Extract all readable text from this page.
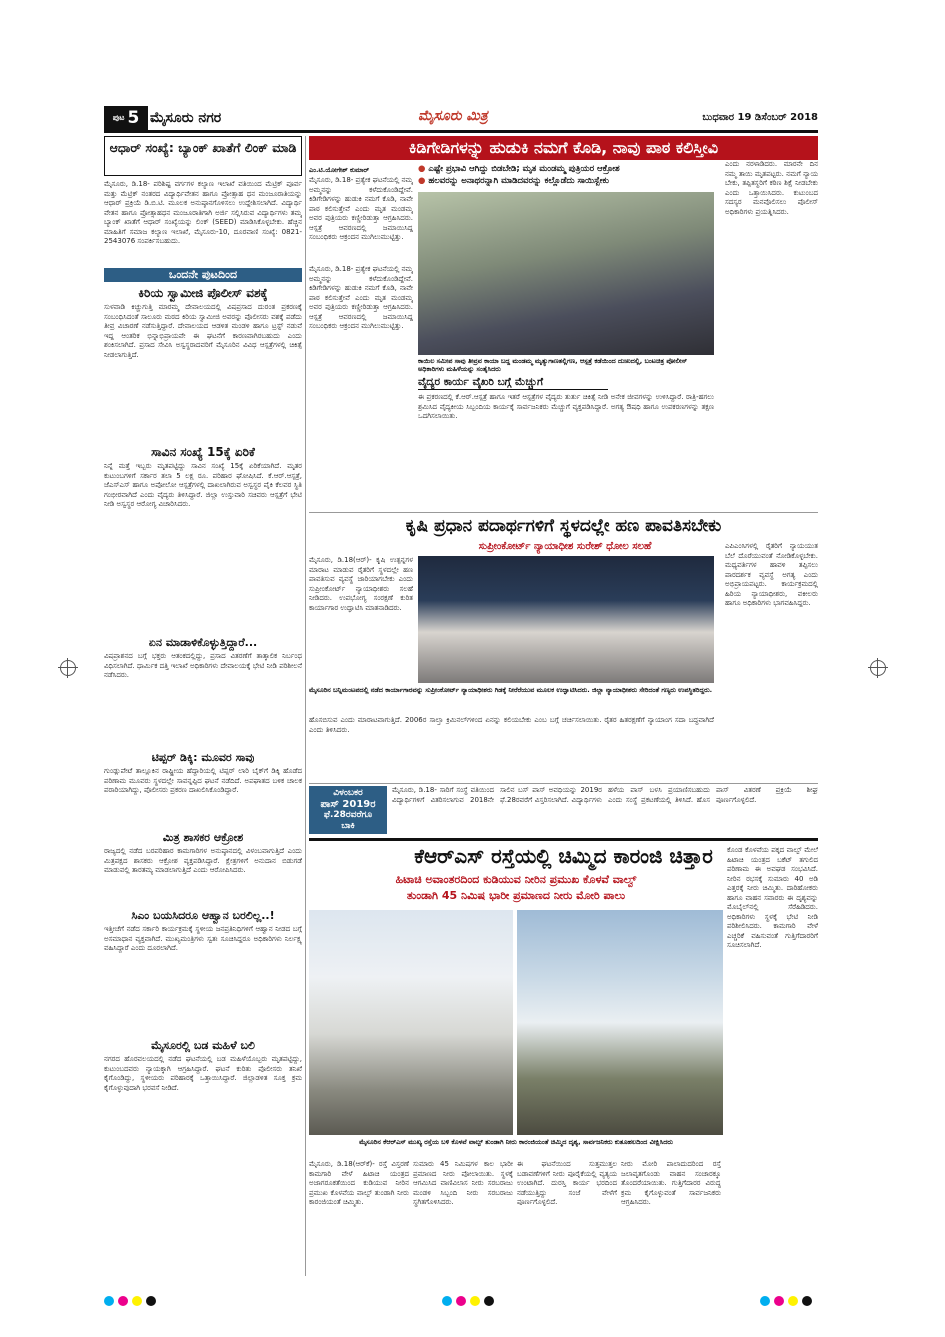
ಪುಟ 5 ಮೈಸೂರು ನಗರ	ಮೈಸೂರು ಮಿತ್ರ	ಬುಧವಾರ 19 ಡಿಸೆಂಬರ್ 2018
ಆಧಾರ್ ಸಂಖ್ಯೆ: ಬ್ಯಾಂಕ್ ಖಾತೆಗೆ ಲಿಂಕ್ ಮಾಡಿ
ಮೈಸೂರು, ಡಿ.18- ಪರಿಶಿಷ್ಟ ವರ್ಗಗಳ ಕಲ್ಯಾಣ ಇಲಾಖೆ ವತಿಯಿಂದ ಮೆಟ್ರಿಕ್ ಪೂರ್ವ ಮತ್ತು ಮೆಟ್ರಿಕ್ ನಂತರದ ವಿದ್ಯಾರ್ಥಿವೇತನ ಹಾಗೂ ಪ್ರೋತ್ಸಾಹ ಧನ ಮಂಜೂರಾತಿಯನ್ನು ಆಧಾರ್ ಪ್ರಕ್ರಿಯೆ ಡಿ.ಬಿ.ಟಿ. ಮೂಲಕ ಅನುಷ್ಠಾನಗೊಳಿಸಲು ಉದ್ದೇಶಿಸಲಾಗಿದೆ. ವಿದ್ಯಾರ್ಥಿ ವೇತನ ಹಾಗೂ ಪ್ರೋತ್ಸಾಹಧನ ಮಂಜೂರಾತಿಗಾಗಿ ಅರ್ಜಿ ಸಲ್ಲಿಸಿರುವ ವಿದ್ಯಾರ್ಥಿಗಳು ತಮ್ಮ ಬ್ಯಾಂಕ್ ಖಾತೆಗೆ ಆಧಾರ್ ಸಂಖ್ಯೆಯನ್ನು ಲಿಂಕ್ (SEED) ಮಾಡಿಸಿಕೊಳ್ಳಬೇಕು. ಹೆಚ್ಚಿನ ಮಾಹಿತಿಗೆ ಸಮಾಜ ಕಲ್ಯಾಣ ಇಲಾಖೆ, ಮೈಸೂರು-10, ದೂರವಾಣಿ ಸಂಖ್ಯೆ: 0821-2543076 ಸಂಪರ್ಕಿಸಬಹುದು.
ಒಂದನೇ ಪುಟದಿಂದ
ಕಿರಿಯ ಸ್ವಾಮೀಜಿ ಪೊಲೀಸ್ ವಶಕ್ಕೆ
ಸುಳವಾಡಿ ಕಿಚ್ಚುಗುತ್ತಿ ಮಾರಮ್ಮ ದೇವಾಲಯದಲ್ಲಿ ವಿಷಪ್ರಸಾದ ದುರಂತ ಪ್ರಕರಣಕ್ಕೆ ಸಂಬಂಧಿಸಿದಂತೆ ಸಾಲೂರು ಮಠದ ಕಿರಿಯ ಸ್ವಾಮೀಜಿ ಅವರನ್ನು ಪೊಲೀಸರು ವಶಕ್ಕೆ ಪಡೆದು ತೀವ್ರ ವಿಚಾರಣೆ ನಡೆಸುತ್ತಿದ್ದಾರೆ. ದೇವಾಲಯದ ಆಡಳಿತ ಮಂಡಳಿ ಹಾಗೂ ಟ್ರಸ್ಟ್ ನಡುವೆ ಇದ್ದ ಆಂತರಿಕ ಭಿನ್ನಾಭಿಪ್ರಾಯವೇ ಈ ಘಟನೆಗೆ ಕಾರಣವಾಗಿರಬಹುದು ಎಂದು ಶಂಕಿಸಲಾಗಿದೆ. ಪ್ರಸಾದ ಸೇವಿಸಿ ಅಸ್ವಸ್ಥರಾದವರಿಗೆ ಮೈಸೂರಿನ ವಿವಿಧ ಆಸ್ಪತ್ರೆಗಳಲ್ಲಿ ಚಿಕಿತ್ಸೆ ನೀಡಲಾಗುತ್ತಿದೆ.
ಸಾವಿನ ಸಂಖ್ಯೆ 15ಕ್ಕೆ ಏರಿಕೆ
ನಿನ್ನೆ ಮತ್ತೆ ಇಬ್ಬರು ಮೃತಪಟ್ಟಿದ್ದು ಸಾವಿನ ಸಂಖ್ಯೆ 15ಕ್ಕೆ ಏರಿಕೆಯಾಗಿದೆ. ಮೃತರ ಕುಟುಂಬಗಳಿಗೆ ಸರ್ಕಾರ ತಲಾ 5 ಲಕ್ಷ ರೂ. ಪರಿಹಾರ ಘೋಷಿಸಿದೆ. ಕೆ.ಆರ್.ಆಸ್ಪತ್ರೆ, ಜೆಎಸ್ಎಸ್ ಹಾಗೂ ಅಪೋಲೋ ಆಸ್ಪತ್ರೆಗಳಲ್ಲಿ ದಾಖಲಾಗಿರುವ ಅಸ್ವಸ್ಥರ ಪೈಕಿ ಕೆಲವರ ಸ್ಥಿತಿ ಗಂಭೀರವಾಗಿದೆ ಎಂದು ವೈದ್ಯರು ತಿಳಿಸಿದ್ದಾರೆ. ಜಿಲ್ಲಾ ಉಸ್ತುವಾರಿ ಸಚಿವರು ಆಸ್ಪತ್ರೆಗೆ ಭೇಟಿ ನೀಡಿ ಅಸ್ವಸ್ಥರ ಆರೋಗ್ಯ ವಿಚಾರಿಸಿದರು.
ಏನ ಮಾಡಾಳಿಕೊಳ್ಳುತ್ತಿದ್ದಾರೆ...
ವಿಷಪ್ರಾಶನದ ಬಗ್ಗೆ ಭಕ್ತರು ಆತಂಕದಲ್ಲಿದ್ದು, ಪ್ರಸಾದ ವಿತರಣೆಗೆ ತಾತ್ಕಾಲಿಕ ನಿರ್ಬಂಧ ವಿಧಿಸಲಾಗಿದೆ. ಧಾರ್ಮಿಕ ದತ್ತಿ ಇಲಾಖೆ ಅಧಿಕಾರಿಗಳು ದೇವಾಲಯಕ್ಕೆ ಭೇಟಿ ನೀಡಿ ಪರಿಶೀಲನೆ ನಡೆಸಿದರು.
ಟಿಪ್ಪರ್ ಡಿಕ್ಕಿ: ಮೂವರ ಸಾವು
ಗುಂಡ್ಲುಪೇಟೆ ತಾಲ್ಲೂಕಿನ ರಾಷ್ಟ್ರೀಯ ಹೆದ್ದಾರಿಯಲ್ಲಿ ಟಿಪ್ಪರ್ ಲಾರಿ ಬೈಕ್‌ಗೆ ಡಿಕ್ಕಿ ಹೊಡೆದ ಪರಿಣಾಮ ಮೂವರು ಸ್ಥಳದಲ್ಲೇ ಸಾವನ್ನಪ್ಪಿದ ಘಟನೆ ನಡೆದಿದೆ. ಅಪಘಾತದ ಬಳಿಕ ಚಾಲಕ ಪರಾರಿಯಾಗಿದ್ದು, ಪೊಲೀಸರು ಪ್ರಕರಣ ದಾಖಲಿಸಿಕೊಂಡಿದ್ದಾರೆ.
ಮಿತ್ರ ಶಾಸಕರ ಆಕ್ರೋಶ
ರಾಜ್ಯದಲ್ಲಿ ನಡೆದ ಬರಪರಿಹಾರ ಕಾಮಗಾರಿಗಳ ಅನುಷ್ಠಾನದಲ್ಲಿ ವಿಳಂಬವಾಗುತ್ತಿದೆ ಎಂದು ಮಿತ್ರಪಕ್ಷದ ಶಾಸಕರು ಆಕ್ರೋಶ ವ್ಯಕ್ತಪಡಿಸಿದ್ದಾರೆ. ಕ್ಷೇತ್ರಗಳಿಗೆ ಅನುದಾನ ಬಿಡುಗಡೆ ಮಾಡುವಲ್ಲಿ ತಾರತಮ್ಯ ಮಾಡಲಾಗುತ್ತಿದೆ ಎಂದು ಆರೋಪಿಸಿದರು.
ಸಿಎಂ ಬಯಸಿದರೂ ಆಹ್ವಾನ ಬರಲಿಲ್ಲ..!
ಇತ್ತೀಚೆಗೆ ನಡೆದ ಸರ್ಕಾರಿ ಕಾರ್ಯಕ್ರಮಕ್ಕೆ ಸ್ಥಳೀಯ ಜನಪ್ರತಿನಿಧಿಗಳಿಗೆ ಆಹ್ವಾನ ನೀಡದ ಬಗ್ಗೆ ಅಸಮಾಧಾನ ವ್ಯಕ್ತವಾಗಿದೆ. ಮುಖ್ಯಮಂತ್ರಿಗಳು ಸ್ವತಃ ಸೂಚಿಸಿದ್ದರೂ ಅಧಿಕಾರಿಗಳು ನಿರ್ಲಕ್ಷ್ಯ ವಹಿಸಿದ್ದಾರೆ ಎಂದು ದೂರಲಾಗಿದೆ.
ಮೈಸೂರಲ್ಲಿ ಬಡ ಮಹಿಳೆ ಬಲಿ
ನಗರದ ಹೊರವಲಯದಲ್ಲಿ ನಡೆದ ಘಟನೆಯಲ್ಲಿ ಬಡ ಮಹಿಳೆಯೊಬ್ಬರು ಮೃತಪಟ್ಟಿದ್ದು, ಕುಟುಂಬದವರು ನ್ಯಾಯಕ್ಕಾಗಿ ಆಗ್ರಹಿಸಿದ್ದಾರೆ. ಘಟನೆ ಕುರಿತು ಪೊಲೀಸರು ತನಿಖೆ ಕೈಗೊಂಡಿದ್ದು, ಸ್ಥಳೀಯರು ಪರಿಹಾರಕ್ಕೆ ಒತ್ತಾಯಿಸಿದ್ದಾರೆ. ಜಿಲ್ಲಾಡಳಿತ ಸೂಕ್ತ ಕ್ರಮ ಕೈಗೊಳ್ಳುವುದಾಗಿ ಭರವಸೆ ನೀಡಿದೆ.
ಕಿಡಿಗೇಡಿಗಳನ್ನು ಹುಡುಕಿ ನಮಗೆ ಕೊಡಿ, ನಾವು ಪಾಠ ಕಲಿಸ್ತೀವಿ
● ಎಷ್ಟೇ ಪ್ರಭಾವಿ ಆಗಿದ್ದು ಬಿಡಬೇಡಿ; ಮೃತ ಮಂಡಮ್ಮ ಪುತ್ರಿಯರ ಆಕ್ರೋಶ
● ಹಲವರನ್ನು ಅನಾಥರನ್ನಾಗಿ ಮಾಡಿದವರನ್ನು ಕಲ್ಲೊಡೆದು ಸಾಯಿಸ್ಬೇಕು
ಎಂ.ಟಿ.ಯೋಗೇಶ್ ಕುಮಾರ್
ಮೈಸೂರು, ಡಿ.18- ಪ್ರತ್ಯೇಕ ಘಟನೆಯಲ್ಲಿ ನಮ್ಮ ಅಮ್ಮನನ್ನು ಕಳೆದುಕೊಂಡಿದ್ದೇವೆ. ಕಿಡಿಗೇಡಿಗಳನ್ನು ಹುಡುಕಿ ನಮಗೆ ಕೊಡಿ, ನಾವೇ ಪಾಠ ಕಲಿಸುತ್ತೇವೆ ಎಂದು ಮೃತ ಮಂಡಮ್ಮ ಅವರ ಪುತ್ರಿಯರು ಕಣ್ಣೀರಿಡುತ್ತಾ ಆಗ್ರಹಿಸಿದರು. ಆಸ್ಪತ್ರೆ ಆವರಣದಲ್ಲಿ ಜಮಾಯಿಸಿದ್ದ ಸಂಬಂಧಿಕರು ಆಕ್ರಂದನ ಮುಗಿಲುಮುಟ್ಟಿತ್ತು.
ಕಾಯಿಲ ಸಮೀಪ ಸಾವು ತೀವ್ರವ ಕಾಯಾ ಬದ್ದ ಮಂಡಮ್ಮ ಮೃತ್ಯುಗಾಣತಲ್ಲಿಗಣ, ಆಸ್ಪತ್ರೆ ಕಡೆಯಿಂದ ದುಃಖದಲ್ಲಿ, ಬಂಟಚಿತ್ರ ಪೋಲೀಸ್ ಅಧಿಕಾರಿಗಳು ಮಹಿಳೆಯನ್ನು ಸಂತೈಸಿದರು
ಎಂದು ನರಳಾಡಿದರು. ಮಾರನೇ ದಿನ ನಮ್ಮ ತಾಯಿ ಮೃತಪಟ್ಟರು. ನಮಗೆ ನ್ಯಾಯ ಬೇಕು, ತಪ್ಪಿತಸ್ಥರಿಗೆ ಕಠಿಣ ಶಿಕ್ಷೆ ನೀಡಬೇಕು ಎಂದು ಒತ್ತಾಯಿಸಿದರು. ಕುಟುಂಬದ ಸದಸ್ಯರ ಮನವೊಲಿಸಲು ಪೊಲೀಸ್ ಅಧಿಕಾರಿಗಳು ಪ್ರಯತ್ನಿಸಿದರು.
ಮೈಸೂರು, ಡಿ.18- ಪ್ರತ್ಯೇಕ ಘಟನೆಯಲ್ಲಿ ನಮ್ಮ ಅಮ್ಮನನ್ನು ಕಳೆದುಕೊಂಡಿದ್ದೇವೆ. ಕಿಡಿಗೇಡಿಗಳನ್ನು ಹುಡುಕಿ ನಮಗೆ ಕೊಡಿ, ನಾವೇ ಪಾಠ ಕಲಿಸುತ್ತೇವೆ ಎಂದು ಮೃತ ಮಂಡಮ್ಮ ಅವರ ಪುತ್ರಿಯರು ಕಣ್ಣೀರಿಡುತ್ತಾ ಆಗ್ರಹಿಸಿದರು. ಆಸ್ಪತ್ರೆ ಆವರಣದಲ್ಲಿ ಜಮಾಯಿಸಿದ್ದ ಸಂಬಂಧಿಕರು ಆಕ್ರಂದನ ಮುಗಿಲುಮುಟ್ಟಿತ್ತು.
ವೈದ್ಯರ ಕಾರ್ಯ ವೈಖರಿ ಬಗ್ಗೆ ಮೆಚ್ಚುಗೆ
ಈ ಪ್ರಕರಣದಲ್ಲಿ ಕೆ.ಆರ್.ಆಸ್ಪತ್ರೆ ಹಾಗೂ ಇತರೆ ಆಸ್ಪತ್ರೆಗಳ ವೈದ್ಯರು ತುರ್ತು ಚಿಕಿತ್ಸೆ ನೀಡಿ ಅನೇಕ ಜೀವಗಳನ್ನು ಉಳಿಸಿದ್ದಾರೆ. ರಾತ್ರಿ-ಹಗಲು ಶ್ರಮಿಸಿದ ವೈದ್ಯಕೀಯ ಸಿಬ್ಬಂದಿಯ ಕಾರ್ಯಕ್ಕೆ ಸಾರ್ವಜನಿಕರು ಮೆಚ್ಚುಗೆ ವ್ಯಕ್ತಪಡಿಸಿದ್ದಾರೆ. ಅಗತ್ಯ ಔಷಧಿ ಹಾಗೂ ಉಪಕರಣಗಳನ್ನು ತಕ್ಷಣ ಒದಗಿಸಲಾಯಿತು.
ಕೃಷಿ ಪ್ರಧಾನ ಪದಾರ್ಥಗಳಿಗೆ ಸ್ಥಳದಲ್ಲೇ ಹಣ ಪಾವತಿಸಬೇಕು
ಸುಪ್ರೀಂಕೋರ್ಟ್ ನ್ಯಾಯಾಧೀಶ ಸುರೇಶ್ ಧೋಲ ಸಲಹೆ
ಮೈಸೂರು, ಡಿ.18(ಆರ್)- ಕೃಷಿ ಉತ್ಪನ್ನಗಳ ಮಾರಾಟ ಮಾಡುವ ರೈತರಿಗೆ ಸ್ಥಳದಲ್ಲೇ ಹಣ ಪಾವತಿಸುವ ವ್ಯವಸ್ಥೆ ಜಾರಿಯಾಗಬೇಕು ಎಂದು ಸುಪ್ರೀಂಕೋರ್ಟ್ ನ್ಯಾಯಾಧೀಶರು ಸಲಹೆ ನೀಡಿದರು. ಉಪಭೋಗ್ಯ ಸಂರಕ್ಷಣೆ ಕುರಿತ ಕಾರ್ಯಾಗಾರ ಉದ್ಘಾಟಿಸಿ ಮಾತನಾಡಿದರು.
ಮೈಸೂರಿನ ಬನ್ನಿಮಂಟಪದಲ್ಲಿ ನಡೆದ ಕಾರ್ಯಾಗಾರವನ್ನು ಸುಪ್ರೀಂಕೋರ್ಟ್ ನ್ಯಾಯಾಧೀಶರು ಗಿಡಕ್ಕೆ ನೀರೆರೆಯುವ ಮೂಲಕ ಉದ್ಘಾಟಿಸಿದರು. ಜಿಲ್ಲಾ ನ್ಯಾಯಾಧೀಶರು ಸೇರಿದಂತೆ ಗಣ್ಯರು ಉಪಸ್ಥಿತರಿದ್ದರು.
ಎಪಿಎಂಸಿಗಳಲ್ಲಿ ರೈತರಿಗೆ ನ್ಯಾಯಯುತ ಬೆಲೆ ದೊರೆಯುವಂತೆ ನೋಡಿಕೊಳ್ಳಬೇಕು. ಮಧ್ಯವರ್ತಿಗಳ ಹಾವಳಿ ತಪ್ಪಿಸಲು ಪಾರದರ್ಶಕ ವ್ಯವಸ್ಥೆ ಅಗತ್ಯ ಎಂದು ಅಭಿಪ್ರಾಯಪಟ್ಟರು. ಕಾರ್ಯಕ್ರಮದಲ್ಲಿ ಹಿರಿಯ ನ್ಯಾಯಾಧೀಶರು, ವಕೀಲರು ಹಾಗೂ ಅಧಿಕಾರಿಗಳು ಭಾಗವಹಿಸಿದ್ದರು.
ಹೊಸಬಿಸುವ ಎಂದು ಮಾರಾಟವಾಗುತ್ತಿದೆ. 2006ರ ಸಾಲ್ತಾ ಕ್ರಿಮಿನಲ್‌ಗಳಿಂದ ಏನನ್ನು ಕಲಿಯಬೇಕು ಎಂಬ ಬಗ್ಗೆ ಚರ್ಚಿಸಲಾಯಿತು. ರೈತರ ಹಿತರಕ್ಷಣೆಗೆ ನ್ಯಾಯಾಂಗ ಸದಾ ಬದ್ಧವಾಗಿದೆ ಎಂದು ತಿಳಿಸಿದರು.
ವಿಳಂಬಕರ
ಪಾಸ್ 2019ರ
ಫೆ.28ರವರೆಗೂ
ಬಾಕಿ
ಮೈಸೂರು, ಡಿ.18- ಸಾರಿಗೆ ಸಂಸ್ಥೆ ವತಿಯಿಂದ ವಿದ್ಯಾರ್ಥಿಗಳಿಗೆ ವಿತರಿಸಲಾಗುವ 2018ನೇ ಸಾಲಿನ ಬಸ್ ಪಾಸ್ ಅವಧಿಯನ್ನು 2019ರ ಫೆ.28ರವರೆಗೆ ವಿಸ್ತರಿಸಲಾಗಿದೆ. ವಿದ್ಯಾರ್ಥಿಗಳು ಹಳೆಯ ಪಾಸ್ ಬಳಸಿ ಪ್ರಯಾಣಿಸಬಹುದು ಎಂದು ಸಂಸ್ಥೆ ಪ್ರಕಟಣೆಯಲ್ಲಿ ತಿಳಿಸಿದೆ. ಹೊಸ ಪಾಸ್ ವಿತರಣೆ ಪ್ರಕ್ರಿಯೆ ಶೀಘ್ರ ಪೂರ್ಣಗೊಳ್ಳಲಿದೆ.
ಕೆಆರ್‌ಎಸ್ ರಸ್ತೆಯಲ್ಲಿ ಚಿಮ್ಮಿದ ಕಾರಂಜಿ ಚಿತ್ತಾರ
ಹಿಟಾಚಿ ಅವಾಂತರದಿಂದ ಕುಡಿಯುವ ನೀರಿನ ಪ್ರಮುಖ ಕೊಳವೆ ವಾಲ್ವ್
ತುಂಡಾಗಿ 45 ನಿಮಿಷ ಭಾರೀ ಪ್ರಮಾಣದ ನೀರು ಮೋರಿ ಪಾಲು
ಮೈಸೂರಿನ ಕೆಆರ್‌ಎಸ್ ಮುಖ್ಯ ರಸ್ತೆಯ ಬಳಿ ಕೊಳವೆ ವಾಲ್ವ್ ತುಂಡಾಗಿ ನೀರು ಕಾರಂಜಿಯಂತೆ ಚಿಮ್ಮಿದ ದೃಶ್ಯ, ಸಾರ್ವಜನಿಕರು ಕುತೂಹಲದಿಂದ ವೀಕ್ಷಿಸಿದರು
ಮೈಸೂರು, ಡಿ.18(ಆರ್‌ಕೆ)- ರಸ್ತೆ ವಿಸ್ತರಣೆ ಕಾಮಗಾರಿ ವೇಳೆ ಹಿಟಾಚಿ ಯಂತ್ರದ ಅಜಾಗರೂಕತೆಯಿಂದ ಕುಡಿಯುವ ನೀರಿನ ಪ್ರಮುಖ ಕೊಳವೆಯ ವಾಲ್ವ್ ತುಂಡಾಗಿ ನೀರು ಕಾರಂಜಿಯಂತೆ ಚಿಮ್ಮಿತು.
ಸುಮಾರು 45 ನಿಮಿಷಗಳ ಕಾಲ ಭಾರೀ ಪ್ರಮಾಣದ ನೀರು ಪೋಲಾಯಿತು. ಸ್ಥಳಕ್ಕೆ ಆಗಮಿಸಿದ ವಾಣಿವಿಲಾಸ ನೀರು ಸರಬರಾಜು ಮಂಡಳಿ ಸಿಬ್ಬಂದಿ ನೀರು ಸರಬರಾಜು ಸ್ಥಗಿತಗೊಳಿಸಿದರು.
ಈ ಘಟನೆಯಿಂದ ಸುತ್ತಮುತ್ತಲ ಬಡಾವಣೆಗಳಿಗೆ ನೀರು ಪೂರೈಕೆಯಲ್ಲಿ ವ್ಯತ್ಯಯ ಉಂಟಾಗಿದೆ. ದುರಸ್ತಿ ಕಾರ್ಯ ಭರದಿಂದ ನಡೆಯುತ್ತಿದ್ದು ಸಂಜೆ ವೇಳೆಗೆ ಪೂರ್ಣಗೊಳ್ಳಲಿದೆ.
ನೀರು ಮೋರಿ ಪಾಲಾದುದರಿಂದ ರಸ್ತೆ ಜಲಾವೃತಗೊಂಡು ವಾಹನ ಸಂಚಾರಕ್ಕೂ ತೊಂದರೆಯಾಯಿತು. ಗುತ್ತಿಗೆದಾರರ ವಿರುದ್ಧ ಕ್ರಮ ಕೈಗೊಳ್ಳುವಂತೆ ಸಾರ್ವಜನಿಕರು ಆಗ್ರಹಿಸಿದರು.
ಕೊಂಡ ಕೊಳವೆಯ ಪಕ್ಕದ ವಾಲ್ವ್ ಮೇಲೆ ಹಿಟಾಚಿ ಯಂತ್ರದ ಬಕೆಟ್ ತಗುಲಿದ ಪರಿಣಾಮ ಈ ಅವಘಡ ಸಂಭವಿಸಿದೆ. ನೀರಿನ ರಭಸಕ್ಕೆ ಸುಮಾರು 40 ಅಡಿ ಎತ್ತರಕ್ಕೆ ನೀರು ಚಿಮ್ಮಿತು. ದಾರಿಹೋಕರು ಹಾಗೂ ವಾಹನ ಸವಾರರು ಈ ದೃಶ್ಯವನ್ನು ಮೊಬೈಲ್‌ನಲ್ಲಿ ಸೆರೆಹಿಡಿದರು. ಅಧಿಕಾರಿಗಳು ಸ್ಥಳಕ್ಕೆ ಭೇಟಿ ನೀಡಿ ಪರಿಶೀಲಿಸಿದರು. ಕಾಮಗಾರಿ ವೇಳೆ ಎಚ್ಚರಿಕೆ ವಹಿಸುವಂತೆ ಗುತ್ತಿಗೆದಾರರಿಗೆ ಸೂಚಿಸಲಾಗಿದೆ.
